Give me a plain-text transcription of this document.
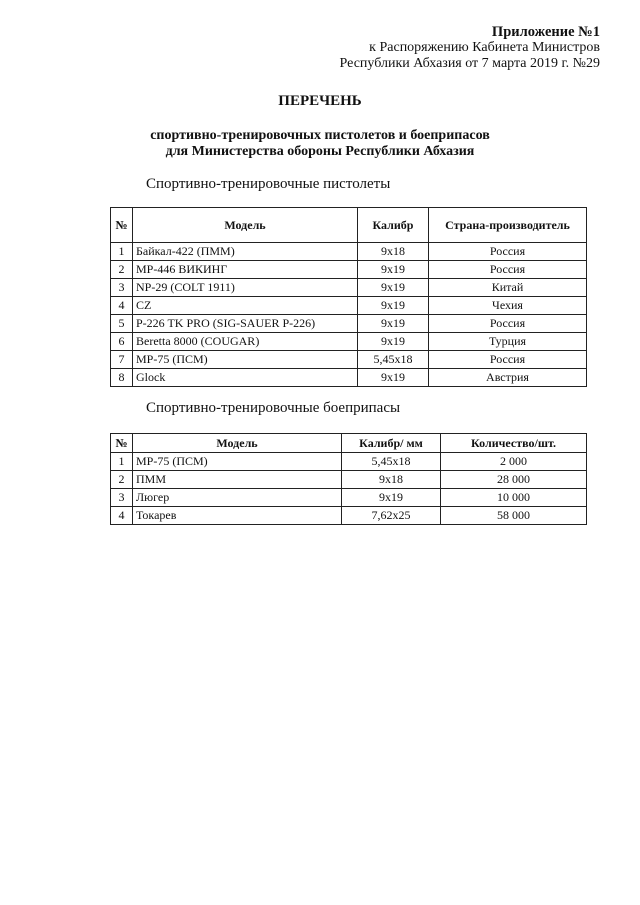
Приложение №1
к Распоряжению Кабинета Министров
Республики Абхазия от 7 марта 2019 г. №29
ПЕРЕЧЕНЬ
спортивно-тренировочных пистолетов и боеприпасов
для Министерства обороны Республики Абхазия
Спортивно-тренировочные пистолеты
№	Модель	Калибр	Страна-производитель
1	Байкал-422 (ПММ)	9х18	Россия
2	МР-446 ВИКИНГ	9х19	Россия
3	NP-29 (COLT 1911)	9х19	Китай
4	CZ	9х19	Чехия
5	P-226 TK PRO (SIG-SAUER P-226)	9х19	Россия
6	Beretta 8000 (COUGAR)	9х19	Турция
7	МР-75 (ПСМ)	5,45х18	Россия
8	Glock	9х19	Австрия
Спортивно-тренировочные боеприпасы
№	Модель	Калибр/ мм	Количество/шт.
1	МР-75 (ПСМ)	5,45х18	2 000
2	ПММ	9х18	28 000
3	Люгер	9х19	10 000
4	Токарев	7,62х25	58 000
